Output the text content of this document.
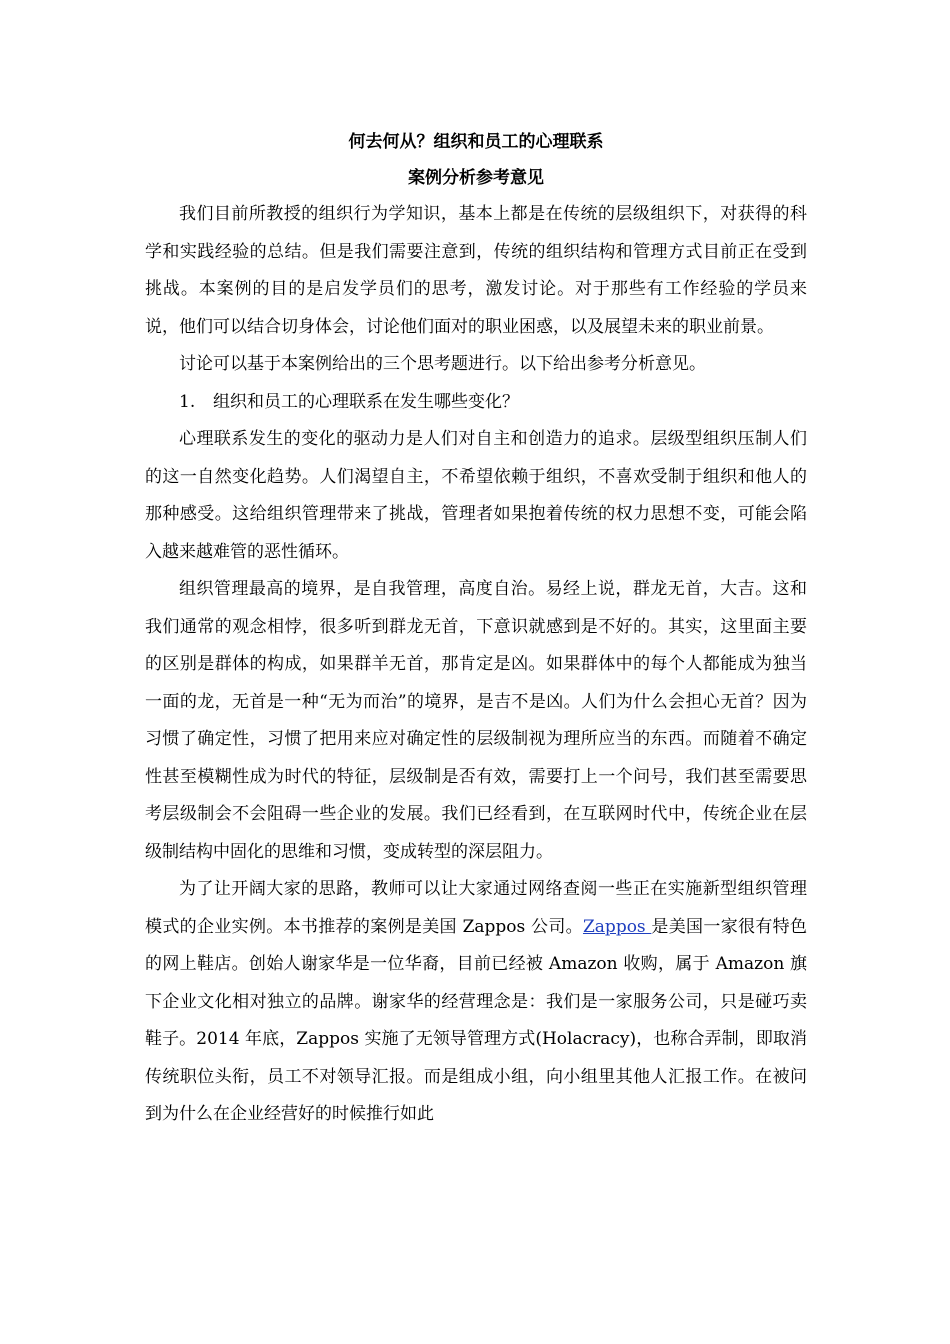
何去何从？组织和员工的心理联系

案例分析参考意见

我们目前所教授的组织行为学知识，基本上都是在传统的层级组织下，对获得的科学和实践经验的总结。但是我们需要注意到，传统的组织结构和管理方式目前正在受到挑战。本案例的目的是启发学员们的思考，激发讨论。对于那些有工作经验的学员来说，他们可以结合切身体会，讨论他们面对的职业困惑，以及展望未来的职业前景。

讨论可以基于本案例给出的三个思考题进行。以下给出参考分析意见。

1. 组织和员工的心理联系在发生哪些变化？

心理联系发生的变化的驱动力是人们对自主和创造力的追求。层级型组织压制人们的这一自然变化趋势。人们渴望自主，不希望依赖于组织，不喜欢受制于组织和他人的那种感受。这给组织管理带来了挑战，管理者如果抱着传统的权力思想不变，可能会陷入越来越难管的恶性循环。

组织管理最高的境界，是自我管理，高度自治。易经上说，群龙无首，大吉。这和我们通常的观念相悖，很多听到群龙无首，下意识就感到是不好的。其实，这里面主要的区别是群体的构成，如果群羊无首，那肯定是凶。如果群体中的每个人都能成为独当一面的龙，无首是一种“无为而治”的境界，是吉不是凶。人们为什么会担心无首？因为习惯了确定性，习惯了把用来应对确定性的层级制视为理所应当的东西。而随着不确定性甚至模糊性成为时代的特征，层级制是否有效，需要打上一个问号，我们甚至需要思考层级制会不会阻碍一些企业的发展。我们已经看到，在互联网时代中，传统企业在层级制结构中固化的思维和习惯，变成转型的深层阻力。

为了让开阔大家的思路，教师可以让大家通过网络查阅一些正在实施新型组织管理模式的企业实例。本书推荐的案例是美国 Zappos 公司。Zappos 是美国一家很有特色的网上鞋店。创始人谢家华是一位华裔，目前已经被 Amazon 收购，属于 Amazon 旗下企业文化相对独立的品牌。谢家华的经营理念是：我们是一家服务公司，只是碰巧卖鞋子。2014 年底，Zappos 实施了无领导管理方式(Holacracy)，也称合弄制，即取消传统职位头衔，员工不对领导汇报。而是组成小组，向小组里其他人汇报工作。在被问到为什么在企业经营好的时候推行如此
